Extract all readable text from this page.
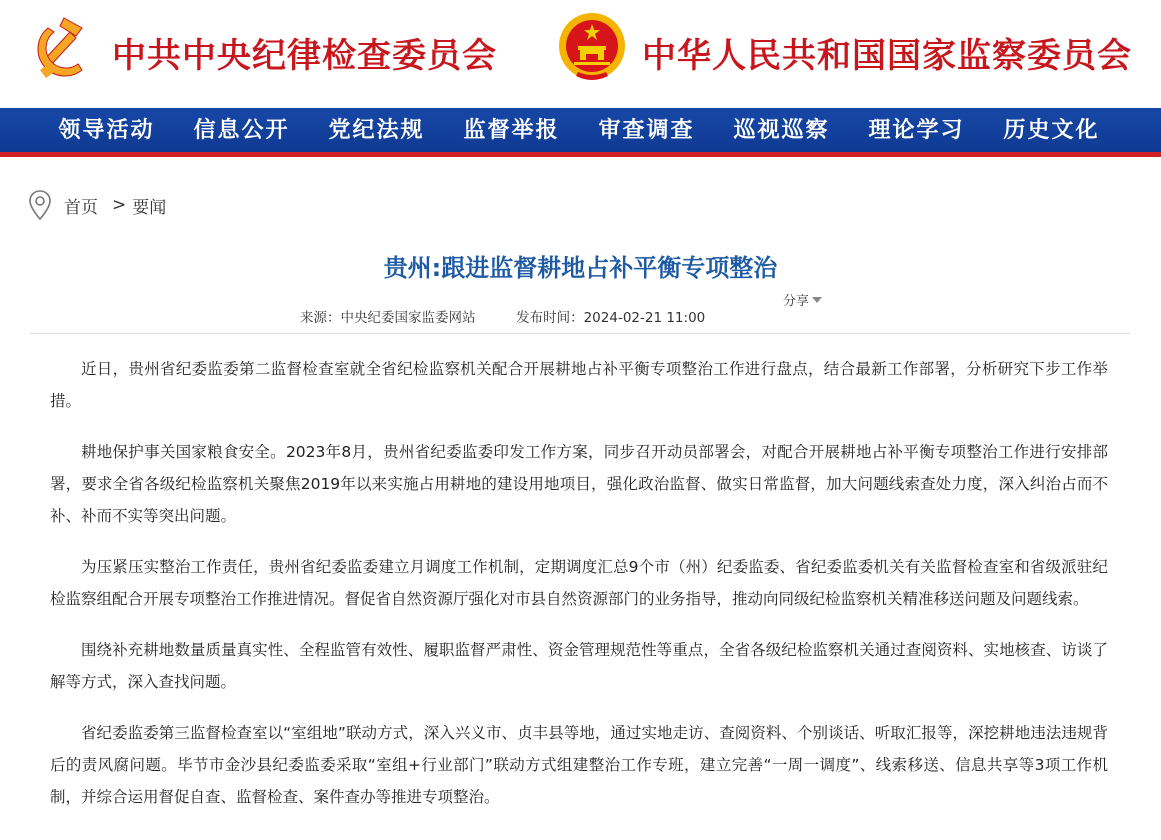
中共中央纪律检查委员会	中华人民共和国国家监察委员会
领导活动	信息公开	党纪法规	监督举报	审查调查	巡视巡察	理论学习	历史文化
首页 > 要闻
贵州:跟进监督耕地占补平衡专项整治
分享
来源：中央纪委国家监委网站	发布时间：2024-02-21 11:00

近日，贵州省纪委监委第二监督检查室就全省纪检监察机关配合开展耕地占补平衡专项整治工作进行盘点，结合最新工作部署，分析研究下步工作举措。

耕地保护事关国家粮食安全。2023年8月，贵州省纪委监委印发工作方案，同步召开动员部署会，对配合开展耕地占补平衡专项整治工作进行安排部署，要求全省各级纪检监察机关聚焦2019年以来实施占用耕地的建设用地项目，强化政治监督、做实日常监督，加大问题线索查处力度，深入纠治占而不补、补而不实等突出问题。

为压紧压实整治工作责任，贵州省纪委监委建立月调度工作机制，定期调度汇总9个市（州）纪委监委、省纪委监委机关有关监督检查室和省级派驻纪检监察组配合开展专项整治工作推进情况。督促省自然资源厅强化对市县自然资源部门的业务指导，推动向同级纪检监察机关精准移送问题及问题线索。

围绕补充耕地数量质量真实性、全程监管有效性、履职监督严肃性、资金管理规范性等重点，全省各级纪检监察机关通过查阅资料、实地核查、访谈了解等方式，深入查找问题。

省纪委监委第三监督检查室以“室组地”联动方式，深入兴义市、贞丰县等地，通过实地走访、查阅资料、个别谈话、听取汇报等，深挖耕地违法违规背后的责风腐问题。毕节市金沙县纪委监委采取“室组+行业部门”联动方式组建整治工作专班，建立完善“一周一调度”、线索移送、信息共享等3项工作机制，并综合运用督促自查、监督检查、案件查办等推进专项整治。
